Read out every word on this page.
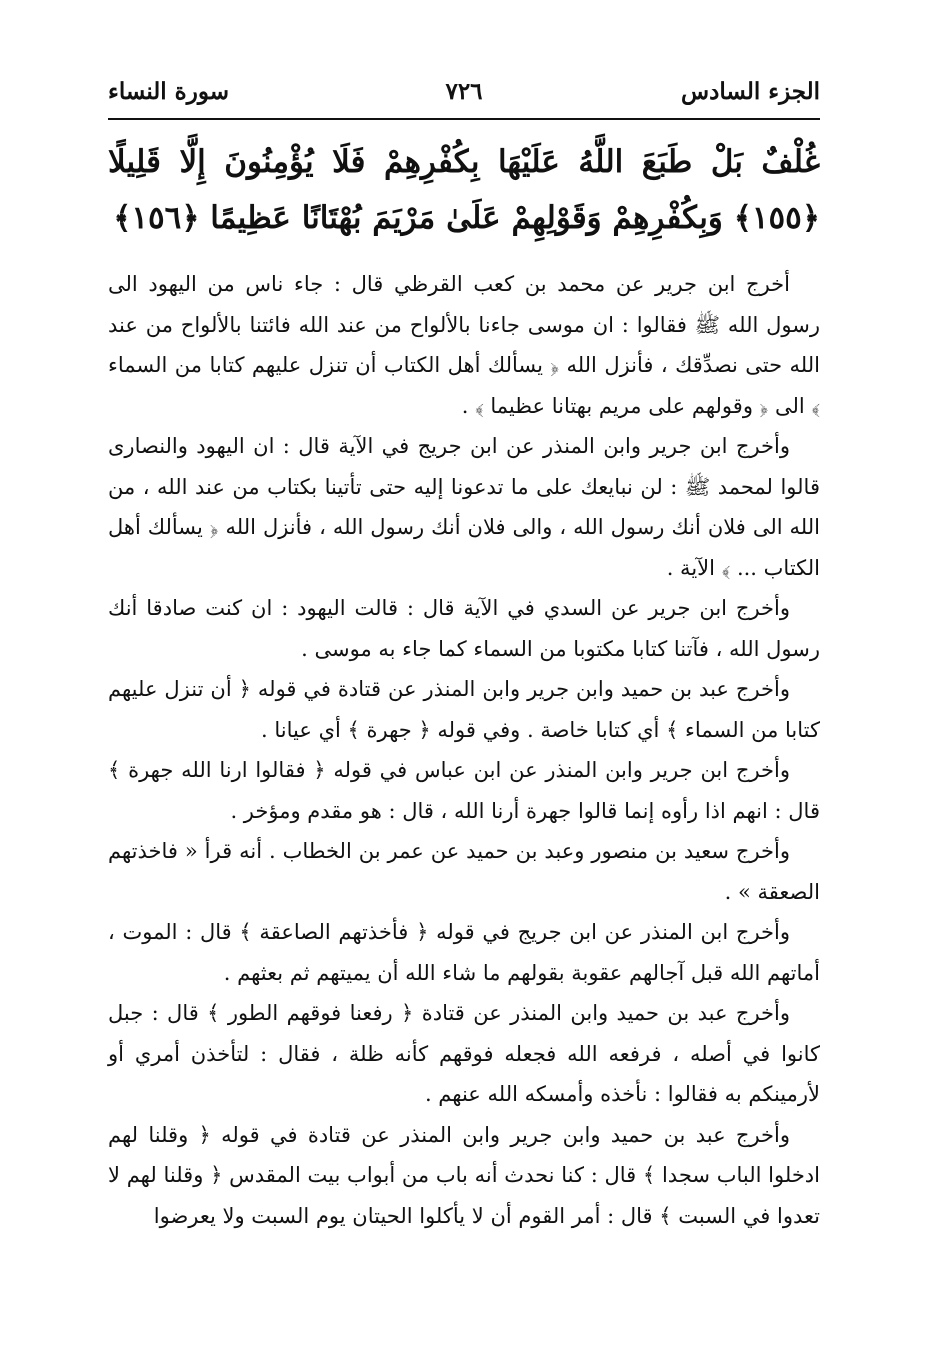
الجزء السادس
٧٢٦
سورة النساء
غُلْفٌ بَلْ طَبَعَ اللَّهُ عَلَيْهَا بِكُفْرِهِمْ فَلَا يُؤْمِنُونَ إِلَّا قَلِيلًا ﴿١٥٥﴾ وَبِكُفْرِهِمْ وَقَوْلِهِمْ عَلَىٰ مَرْيَمَ بُهْتَانًا عَظِيمًا ﴿١٥٦﴾

أخرج ابن جرير عن محمد بن كعب القرظي قال : جاء ناس من اليهود الى رسول الله ﷺ فقالوا : ان موسى جاءنا بالألواح من عند الله فائتنا بالألواح من عند الله حتى نصدِّقك ، فأنزل الله ﴿ يسألك أهل الكتاب أن تنزل عليهم كتابا من السماء ﴾ الى ﴿ وقولهم على مريم بهتانا عظيما ﴾ .

وأخرج ابن جرير وابن المنذر عن ابن جريج في الآية قال : ان اليهود والنصارى قالوا لمحمد ﷺ : لن نبايعك على ما تدعونا إليه حتى تأتينا بكتاب من عند الله ، من الله الى فلان أنك رسول الله ، والى فلان أنك رسول الله ، فأنزل الله ﴿ يسألك أهل الكتاب ... ﴾ الآية .

وأخرج ابن جرير عن السدي في الآية قال : قالت اليهود : ان كنت صادقا أنك رسول الله ، فآتنا كتابا مكتوبا من السماء كما جاء به موسى .

وأخرج عبد بن حميد وابن جرير وابن المنذر عن قتادة في قوله ﴿ أن تنزل عليهم كتابا من السماء ﴾ أي كتابا خاصة . وفي قوله ﴿ جهرة ﴾ أي عيانا .

وأخرج ابن جرير وابن المنذر عن ابن عباس في قوله ﴿ فقالوا ارنا الله جهرة ﴾ قال : انهم اذا رأوه إنما قالوا جهرة أرنا الله ، قال : هو مقدم ومؤخر .

وأخرج سعيد بن منصور وعبد بن حميد عن عمر بن الخطاب . أنه قرأ « فاخذتهم الصعقة » .

وأخرج ابن المنذر عن ابن جريج في قوله ﴿ فأخذتهم الصاعقة ﴾ قال : الموت ، أماتهم الله قبل آجالهم عقوبة بقولهم ما شاء الله أن يميتهم ثم بعثهم .

وأخرج عبد بن حميد وابن المنذر عن قتادة ﴿ رفعنا فوقهم الطور ﴾ قال : جبل كانوا في أصله ، فرفعه الله فجعله فوقهم كأنه ظلة ، فقال : لتأخذن أمري أو لأرمينكم به فقالوا : نأخذه وأمسكه الله عنهم .

وأخرج عبد بن حميد وابن جرير وابن المنذر عن قتادة في قوله ﴿ وقلنا لهم ادخلوا الباب سجدا ﴾ قال : كنا نحدث أنه باب من أبواب بيت المقدس ﴿ وقلنا لهم لا تعدوا في السبت ﴾ قال : أمر القوم أن لا يأكلوا الحيتان يوم السبت ولا يعرضوا
